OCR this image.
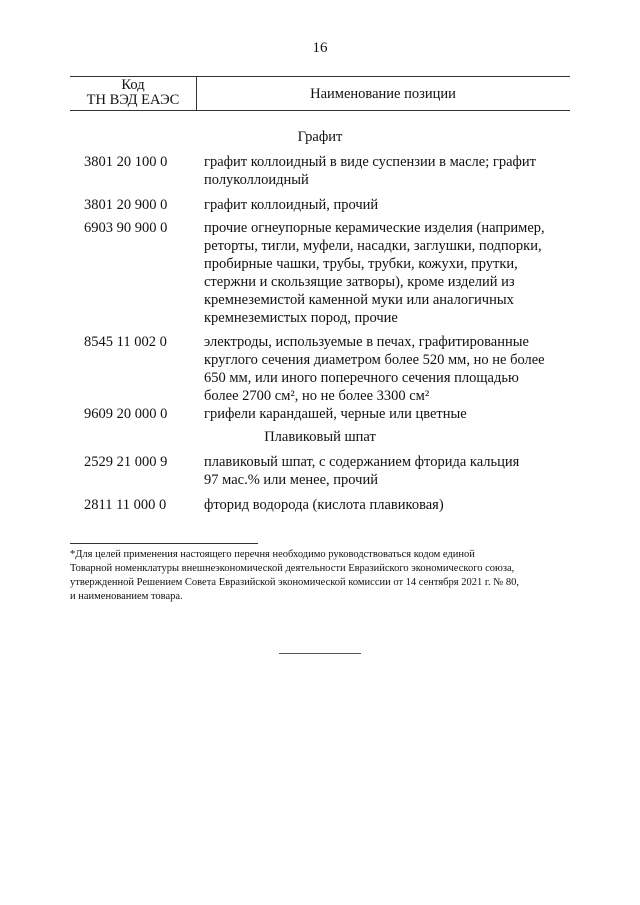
16
Код
ТН ВЭД ЕАЭС	Наименование позиции
Графит
3801 20 100 0	графит коллоидный в виде суспензии в масле; графит
полуколлоидный
3801 20 900 0	графит коллоидный, прочий
6903 90 900 0	прочие огнеупорные керамические изделия (например,
реторты, тигли, муфели, насадки, заглушки, подпорки,
пробирные чашки, трубы, трубки, кожухи, прутки,
стержни и скользящие затворы), кроме изделий из
кремнеземистой каменной муки или аналогичных
кремнеземистых пород, прочие
8545 11 002 0	электроды, используемые в печах, графитированные
круглого сечения диаметром более 520 мм, но не более
650 мм, или иного поперечного сечения площадью
более 2700 см², но не более 3300 см²
9609 20 000 0	грифели карандашей, черные или цветные
Плавиковый шпат
2529 21 000 9	плавиковый шпат, с содержанием фторида кальция
97 мас.% или менее, прочий
2811 11 000 0	фторид водорода (кислота плавиковая)
*Для целей применения настоящего перечня необходимо руководствоваться кодом единой
Товарной номенклатуры внешнеэкономической деятельности Евразийского экономического союза,
утвержденной Решением Совета Евразийской экономической комиссии от 14 сентября 2021 г. № 80,
и наименованием товара.
